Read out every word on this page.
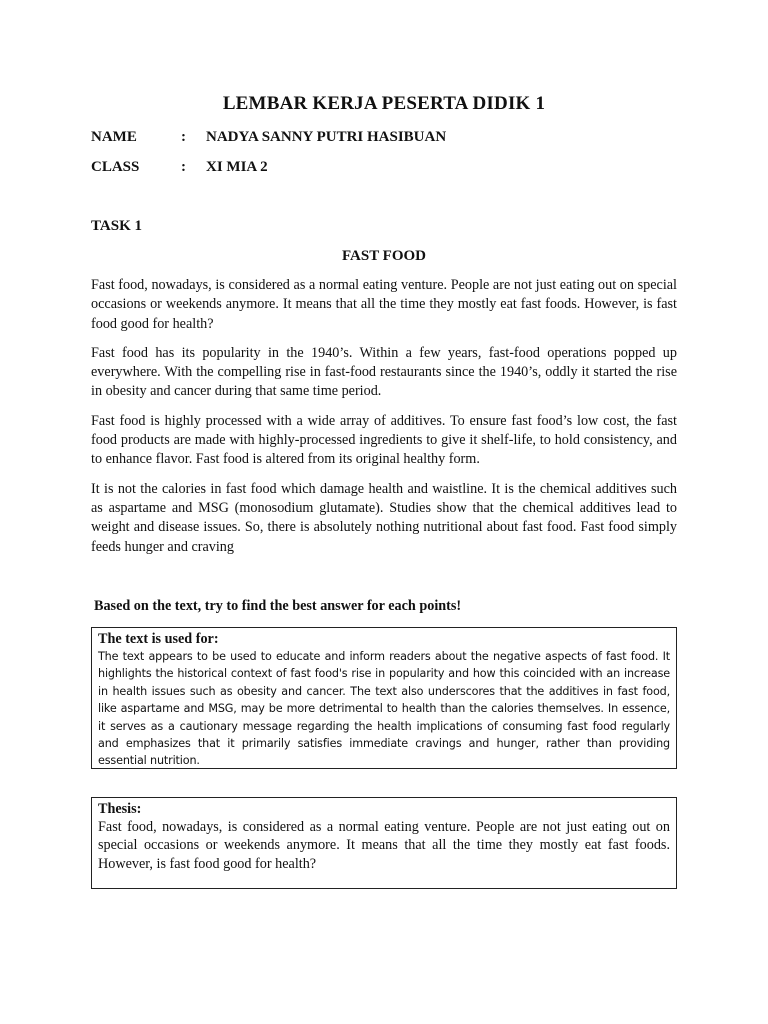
LEMBAR KERJA PESERTA DIDIK 1
NAME	:	NADYA SANNY PUTRI HASIBUAN
CLASS	:	XI MIA 2
TASK 1
FAST FOOD

Fast food, nowadays, is considered as a normal eating venture. People are not just eating out on special occasions or weekends anymore. It means that all the time they mostly eat fast foods. However, is fast food good for health?

Fast food has its popularity in the 1940’s. Within a few years, fast-food operations popped up everywhere. With the compelling rise in fast-food restaurants since the 1940’s, oddly it started the rise in obesity and cancer during that same time period.

Fast food is highly processed with a wide array of additives. To ensure fast food’s low cost, the fast food products are made with highly-processed ingredients to give it shelf-life, to hold consistency, and to enhance flavor. Fast food is altered from its original healthy form.

It is not the calories in fast food which damage health and waistline. It is the chemical additives such as aspartame and MSG (monosodium glutamate). Studies show that the chemical additives lead to weight and disease issues. So, there is absolutely nothing nutritional about fast food. Fast food simply feeds hunger and craving

Based on the text, try to find the best answer for each points!
The text is used for:
The text appears to be used to educate and inform readers about the negative aspects of fast food. It highlights the historical context of fast food's rise in popularity and how this coincided with an increase in health issues such as obesity and cancer. The text also underscores that the additives in fast food, like aspartame and MSG, may be more detrimental to health than the calories themselves. In essence, it serves as a cautionary message regarding the health implications of consuming fast food regularly and emphasizes that it primarily satisfies immediate cravings and hunger, rather than providing essential nutrition.
Thesis:
Fast food, nowadays, is considered as a normal eating venture. People are not just eating out on special occasions or weekends anymore. It means that all the time they mostly eat fast foods. However, is fast food good for health?
